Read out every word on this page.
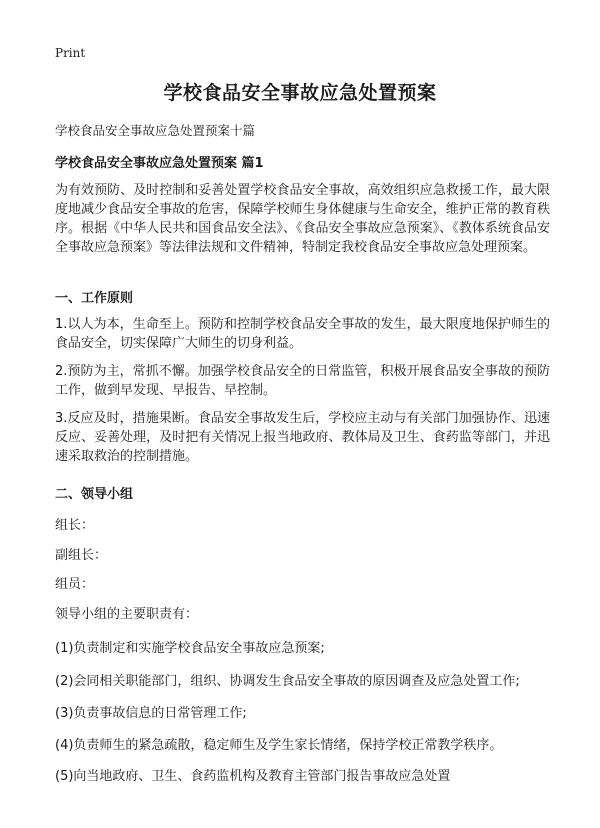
Print
学校食品安全事故应急处置预案
学校食品安全事故应急处置预案十篇
学校食品安全事故应急处置预案 篇1
为有效预防、及时控制和妥善处置学校食品安全事故，高效组织应急救援工作，最大限度地减少食品安全事故的危害，保障学校师生身体健康与生命安全，维护正常的教育秩序。根据《中华人民共和国食品安全法》、《食品安全事故应急预案》、《教体系统食品安全事故应急预案》等法律法规和文件精神，特制定我校食品安全事故应急处理预案。
一、工作原则
1.以人为本，生命至上。预防和控制学校食品安全事故的发生，最大限度地保护师生的食品安全，切实保障广大师生的切身利益。
2.预防为主，常抓不懈。加强学校食品安全的日常监管，积极开展食品安全事故的预防工作，做到早发现、早报告、早控制。
3.反应及时，措施果断。食品安全事故发生后，学校应主动与有关部门加强协作、迅速反应、妥善处理，及时把有关情况上报当地政府、教体局及卫生、食药监等部门，并迅速采取救治的控制措施。
二、领导小组
组长：
副组长：
组员：
领导小组的主要职责有：
(1)负责制定和实施学校食品安全事故应急预案;
(2)会同相关职能部门，组织、协调发生食品安全事故的原因调查及应急处置工作;
(3)负责事故信息的日常管理工作;
(4)负责师生的紧急疏散，稳定师生及学生家长情绪，保持学校正常教学秩序。
(5)向当地政府、卫生、食药监机构及教育主管部门报告事故应急处置
